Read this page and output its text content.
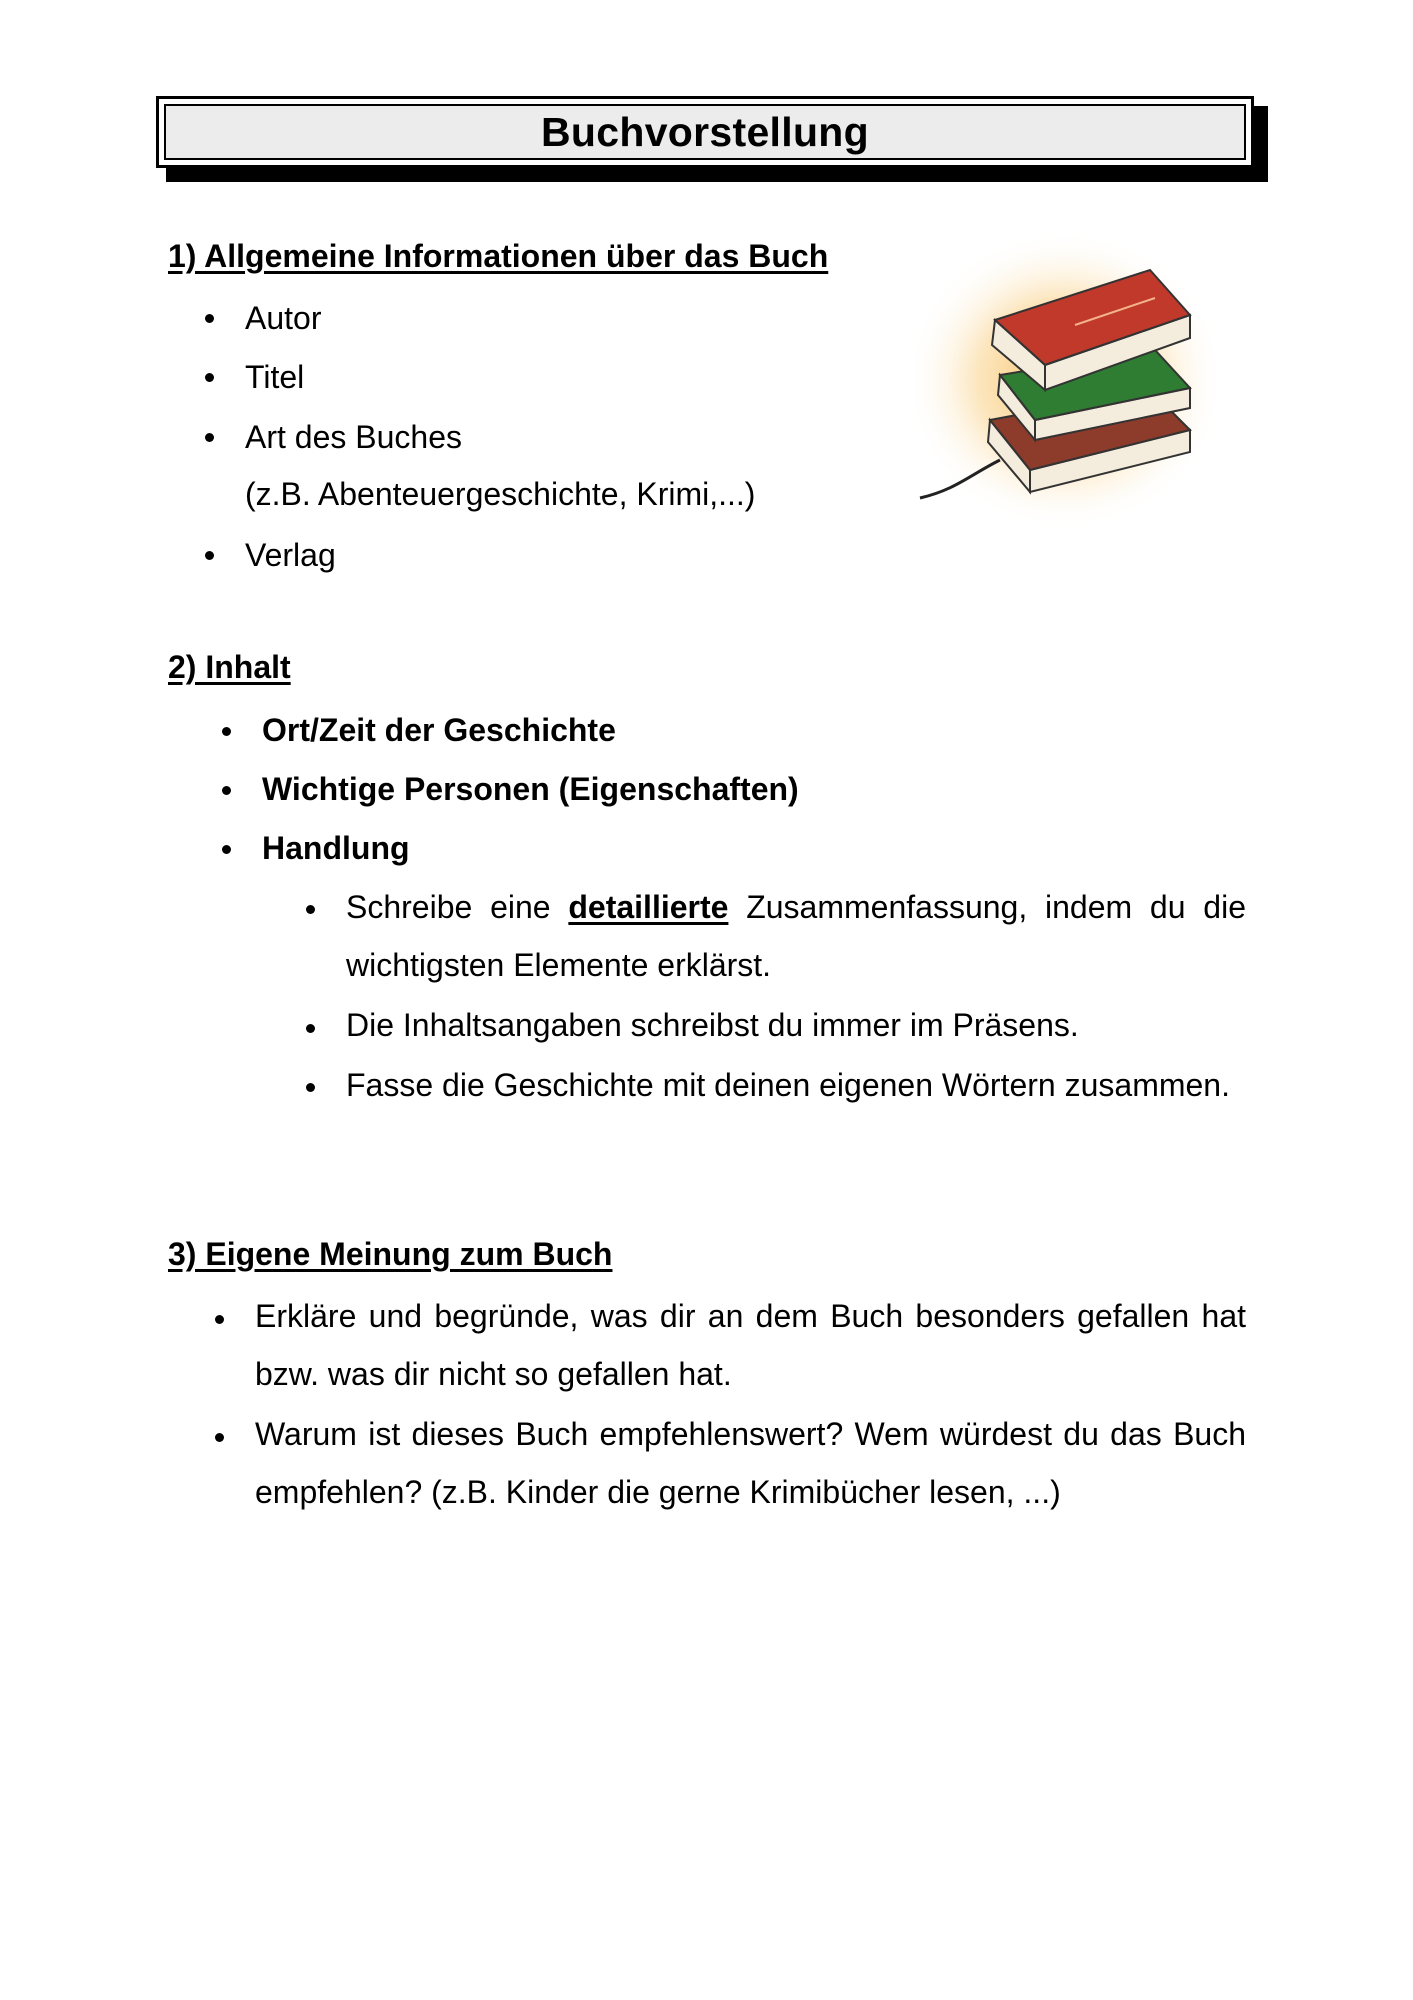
Buchvorstellung
1) Allgemeine Informationen über das Buch
Autor
Titel
Art des Buches
(z.B. Abenteuergeschichte, Krimi,...)
Verlag
2) Inhalt
Ort/Zeit der Geschichte
Wichtige Personen (Eigenschaften)
Handlung
Schreibe eine detaillierte Zusammenfassung, indem du die wichtigsten Elemente erklärst.
Die Inhaltsangaben schreibst du immer im Präsens.
Fasse die Geschichte mit deinen eigenen Wörtern zusammen.
3) Eigene Meinung zum Buch
Erkläre und begründe, was dir an dem Buch besonders gefallen hat bzw. was dir nicht so gefallen hat.
Warum ist dieses Buch empfehlenswert? Wem würdest du das Buch empfehlen? (z.B. Kinder die gerne Krimibücher lesen, ...)
